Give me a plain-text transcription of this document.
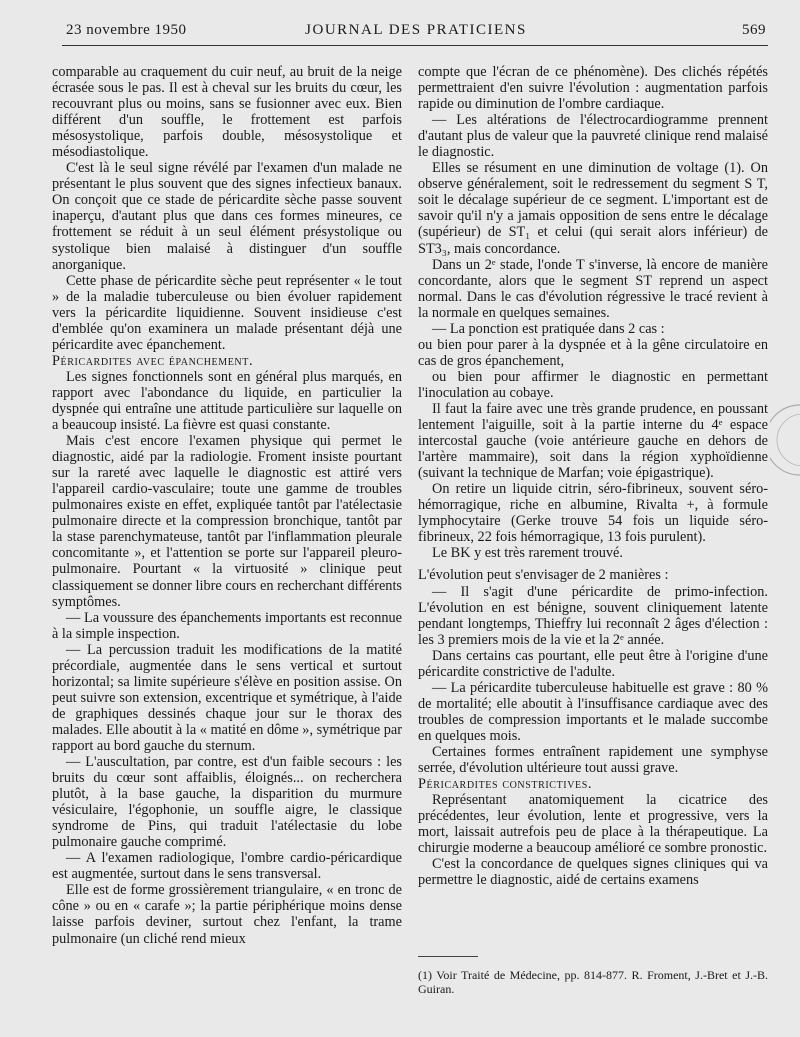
23 novembre 1950	JOURNAL DES PRATICIENS	569

comparable au craquement du cuir neuf, au bruit de la neige écrasée sous le pas. Il est à cheval sur les bruits du cœur, les recouvrant plus ou moins, sans se fusionner avec eux. Bien différent d'un souffle, le frottement est parfois mésosystolique, parfois double, mésosystolique et mésodiastolique.

C'est là le seul signe révélé par l'examen d'un malade ne présentant le plus souvent que des signes infectieux banaux. On conçoit que ce stade de péricardite sèche passe souvent inaperçu, d'autant plus que dans ces formes mineures, ce frottement se réduit à un seul élément présystolique ou systolique bien malaisé à distinguer d'un souffle anorganique.

Cette phase de péricardite sèche peut représenter « le tout » de la maladie tuberculeuse ou bien évoluer rapidement vers la péricardite liquidienne. Souvent insidieuse c'est d'emblée qu'on examinera un malade présentant déjà une péricardite avec épanchement.

Péricardites avec épanchement.

Les signes fonctionnels sont en général plus marqués, en rapport avec l'abondance du liquide, en particulier la dyspnée qui entraîne une attitude particulière sur laquelle on a beaucoup insisté. La fièvre est quasi constante.

Mais c'est encore l'examen physique qui permet le diagnostic, aidé par la radiologie. Froment insiste pourtant sur la rareté avec laquelle le diagnostic est attiré vers l'appareil cardio-vasculaire; toute une gamme de troubles pulmonaires existe en effet, expliquée tantôt par l'atélectasie pulmonaire directe et la compression bronchique, tantôt par la stase parenchymateuse, tantôt par l'inflammation pleurale concomitante », et l'attention se porte sur l'appareil pleuro-pulmonaire. Pourtant « la virtuosité » clinique peut classiquement se donner libre cours en recherchant différents symptômes.

— La voussure des épanchements importants est reconnue à la simple inspection.

— La percussion traduit les modifications de la matité précordiale, augmentée dans le sens vertical et surtout horizontal; sa limite supérieure s'élève en position assise. On peut suivre son extension, excentrique et symétrique, à l'aide de graphiques dessinés chaque jour sur le thorax des malades. Elle aboutit à la « matité en dôme », symétrique par rapport au bord gauche du sternum.

— L'auscultation, par contre, est d'un faible secours : les bruits du cœur sont affaiblis, éloignés... on recherchera plutôt, à la base gauche, la disparition du murmure vésiculaire, l'égophonie, un souffle aigre, le classique syndrome de Pins, qui traduit l'atélectasie du lobe pulmonaire gauche comprimé.

— A l'examen radiologique, l'ombre cardio-péricardique est augmentée, surtout dans le sens transversal.

Elle est de forme grossièrement triangulaire, « en tronc de cône » ou en « carafe »; la partie périphérique moins dense laisse parfois deviner, surtout chez l'enfant, la trame pulmonaire (un cliché rend mieux

compte que l'écran de ce phénomène). Des clichés répétés permettraient d'en suivre l'évolution : augmentation parfois rapide ou diminution de l'ombre cardiaque.

— Les altérations de l'électrocardiogramme prennent d'autant plus de valeur que la pauvreté clinique rend malaisé le diagnostic.

Elles se résument en une diminution de voltage (1). On observe généralement, soit le redressement du segment S T, soit le décalage supérieur de ce segment. L'important est de savoir qu'il n'y a jamais opposition de sens entre le décalage (supérieur) de ST₁ et celui (qui serait alors inférieur) de ST3₃, mais concordance.

Dans un 2ᵉ stade, l'onde T s'inverse, là encore de manière concordante, alors que le segment ST reprend un aspect normal. Dans le cas d'évolution régressive le tracé revient à la normale en quelques semaines.

— La ponction est pratiquée dans 2 cas :

ou bien pour parer à la dyspnée et à la gêne circulatoire en cas de gros épanchement,

ou bien pour affirmer le diagnostic en permettant l'inoculation au cobaye.

Il faut la faire avec une très grande prudence, en poussant lentement l'aiguille, soit à la partie interne du 4ᵉ espace intercostal gauche (voie antérieure gauche en dehors de l'artère mammaire), soit dans la région xyphoïdienne (suivant la technique de Marfan; voie épigastrique).

On retire un liquide citrin, séro-fibrineux, souvent séro-hémorragique, riche en albumine, Rivalta +, à formule lymphocytaire (Gerke trouve 54 fois un liquide séro-fibrineux, 22 fois hémorragique, 13 fois purulent).

Le BK y est très rarement trouvé.

L'évolution peut s'envisager de 2 manières :

— Il s'agit d'une péricardite de primo-infection. L'évolution en est bénigne, souvent cliniquement latente pendant longtemps, Thieffry lui reconnaît 2 âges d'élection : les 3 premiers mois de la vie et la 2ᵉ année.

Dans certains cas pourtant, elle peut être à l'origine d'une péricardite constrictive de l'adulte.

— La péricardite tuberculeuse habituelle est grave : 80 % de mortalité; elle aboutit à l'insuffisance cardiaque avec des troubles de compression importants et le malade succombe en quelques mois.

Certaines formes entraînent rapidement une symphyse serrée, d'évolution ultérieure tout aussi grave.

Péricardites constrictives.

Représentant anatomiquement la cicatrice des précédentes, leur évolution, lente et progressive, vers la mort, laissait autrefois peu de place à la thérapeutique. La chirurgie moderne a beaucoup amélioré ce sombre pronostic.

C'est la concordance de quelques signes cliniques qui va permettre le diagnostic, aidé de certains examens

(1) Voir Traité de Médecine, pp. 814-877. R. Froment, J.-Bret et J.-B. Guiran.
